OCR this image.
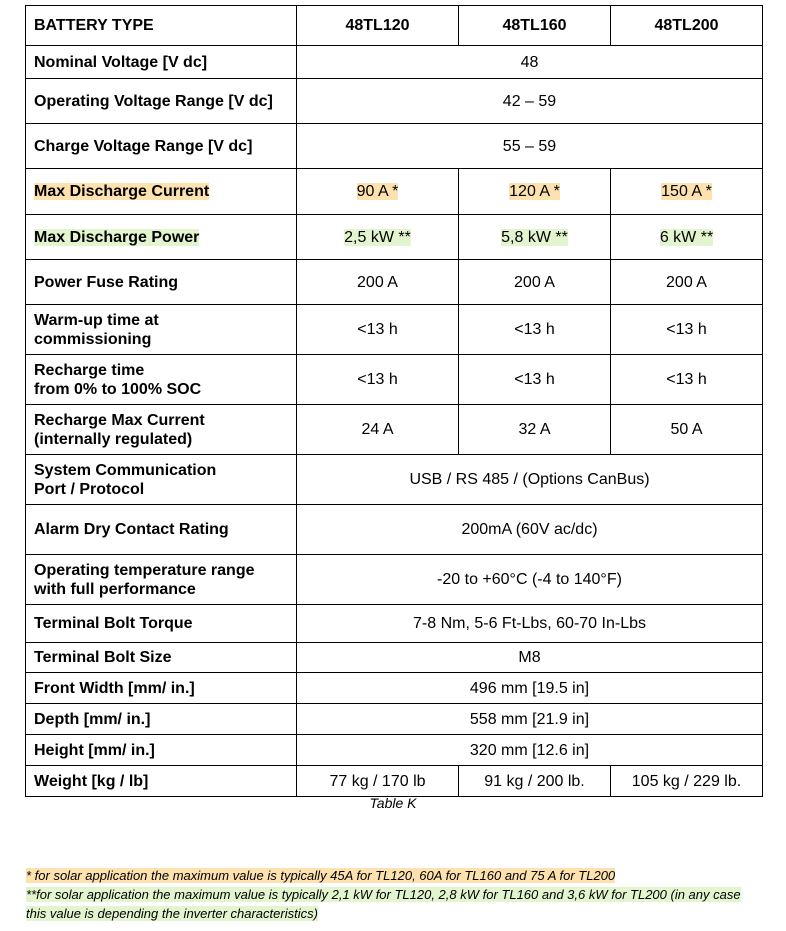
BATTERY TYPE	48TL120	48TL160	48TL200
Nominal Voltage [V dc]	48		
Operating Voltage Range [V dc]	42 – 59		
Charge Voltage Range [V dc]	55 – 59		
Max Discharge Current	90 A *	120 A *	150 A *
Max Discharge Power	2,5 kW **	5,8 kW **	6 kW **
Power Fuse Rating	200 A	200 A	200 A
Warm-up time at
commissioning	<13 h	<13 h	<13 h
Recharge time
from 0% to 100% SOC	<13 h	<13 h	<13 h
Recharge Max Current
(internally regulated)	24 A	32 A	50 A
System Communication
Port / Protocol	USB / RS 485 / (Options CanBus)		
Alarm Dry Contact Rating	200mA (60V ac/dc)		
Operating temperature range
with full performance	-20 to +60°C (-4 to 140°F)		
Terminal Bolt Torque	7-8 Nm, 5-6 Ft-Lbs, 60-70 In-Lbs		
Terminal Bolt Size	M8		
Front Width [mm/ in.]	496 mm [19.5 in]		
Depth [mm/ in.]	558 mm [21.9 in]		
Height [mm/ in.]	320 mm [12.6 in]		
Weight [kg / lb]	77 kg / 170 lb	91 kg / 200 lb.	105 kg / 229 lb.
Table K
* for solar application the maximum value is typically 45A for TL120, 60A for TL160 and 75 A for TL200
**for solar application the maximum value is typically 2,1 kW for TL120, 2,8 kW for TL160 and 3,6 kW for TL200 (in any case this value is depending the inverter characteristics)
